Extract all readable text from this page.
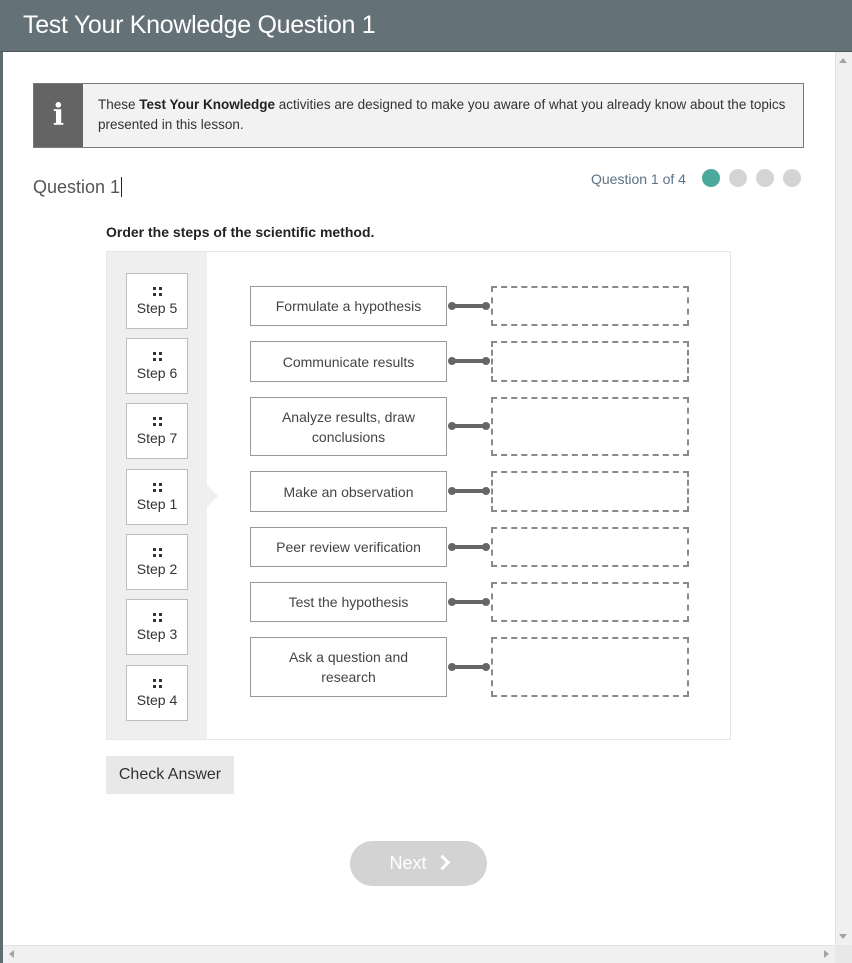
Test Your Knowledge Question 1
i	These Test Your Knowledge activities are designed to make you aware of what you already know about the topics presented in this lesson.
Question 1	Question 1 of 4
Order the steps of the scientific method.
Step 5
Step 6
Step 7
Step 1
Step 2
Step 3
Step 4
Formulate a hypothesis
Communicate results
Analyze results, draw conclusions
Make an observation
Peer review verification
Test the hypothesis
Ask a question and research
Check Answer
Next
